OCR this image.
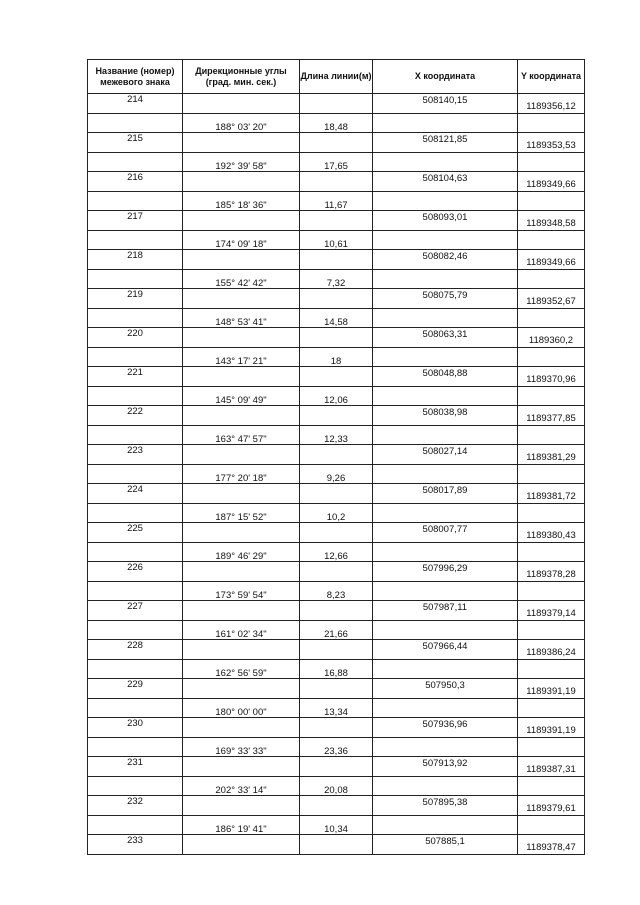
Название (номер) межевого знака	Дирекционные углы (град. мин. сек.)	Длина линии(м)	X координата	Y координата
214			508140,15	1189356,12
	188° 03' 20"	18,48		
215			508121,85	1189353,53
	192° 39' 58"	17,65		
216			508104,63	1189349,66
	185° 18' 36"	11,67		
217			508093,01	1189348,58
	174° 09' 18"	10,61		
218			508082,46	1189349,66
	155° 42' 42"	7,32		
219			508075,79	1189352,67
	148° 53' 41"	14,58		
220			508063,31	1189360,2
	143° 17' 21"	18		
221			508048,88	1189370,96
	145° 09' 49"	12,06		
222			508038,98	1189377,85
	163° 47' 57"	12,33		
223			508027,14	1189381,29
	177° 20' 18"	9,26		
224			508017,89	1189381,72
	187° 15' 52"	10,2		
225			508007,77	1189380,43
	189° 46' 29"	12,66		
226			507996,29	1189378,28
	173° 59' 54"	8,23		
227			507987,11	1189379,14
	161° 02' 34"	21,66		
228			507966,44	1189386,24
	162° 56' 59"	16,88		
229			507950,3	1189391,19
	180° 00' 00"	13,34		
230			507936,96	1189391,19
	169° 33' 33"	23,36		
231			507913,92	1189387,31
	202° 33' 14"	20,08		
232			507895,38	1189379,61
	186° 19' 41"	10,34		
233			507885,1	1189378,47
